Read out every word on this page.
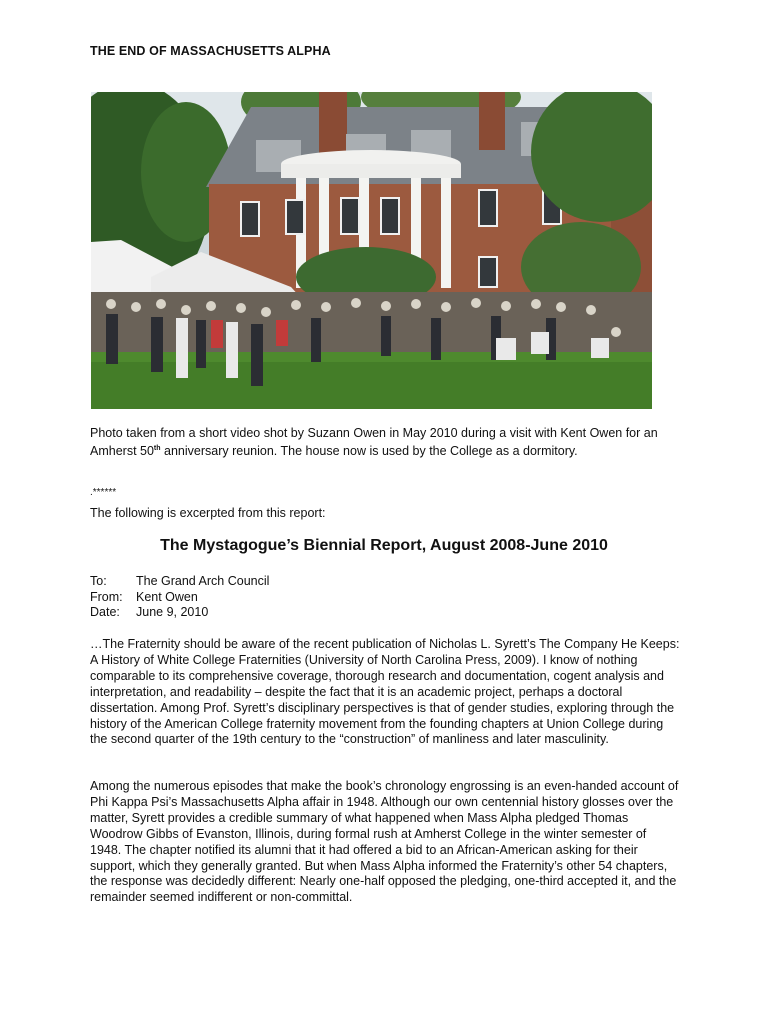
THE END OF MASSACHUSETTS ALPHA
Photo taken from a short video shot by Suzann Owen in May 2010 during a visit with Kent Owen for an Amherst 50th anniversary reunion. The house now is used by the College as a dormitory.
.******
The following is excerpted from this report:
The Mystagogue’s Biennial Report, August 2008-June 2010
To:	The Grand Arch Council
From:	Kent Owen
Date:	June 9, 2010
…The Fraternity should be aware of the recent publication of Nicholas L. Syrett’s The Company He Keeps: A History of White College Fraternities (University of North Carolina Press, 2009). I know of nothing comparable to its comprehensive coverage, thorough research and documentation, cogent analysis and interpretation, and readability – despite the fact that it is an academic project, perhaps a doctoral dissertation. Among Prof. Syrett’s disciplinary perspectives is that of gender studies, exploring through the history of the American College fraternity movement from the founding chapters at Union College during the second quarter of the 19th century to the “construction” of manliness and later masculinity.
Among the numerous episodes that make the book’s chronology engrossing is an even-handed account of Phi Kappa Psi’s Massachusetts Alpha affair in 1948. Although our own centennial history glosses over the matter, Syrett provides a credible summary of what happened when Mass Alpha pledged Thomas Woodrow Gibbs of Evanston, Illinois, during formal rush at Amherst College in the winter semester of 1948. The chapter notified its alumni that it had offered a bid to an African-American asking for their support, which they generally granted. But when Mass Alpha informed the Fraternity’s other 54 chapters, the response was decidedly different: Nearly one-half opposed the pledging, one-third accepted it, and the remainder seemed indifferent or non-committal.
